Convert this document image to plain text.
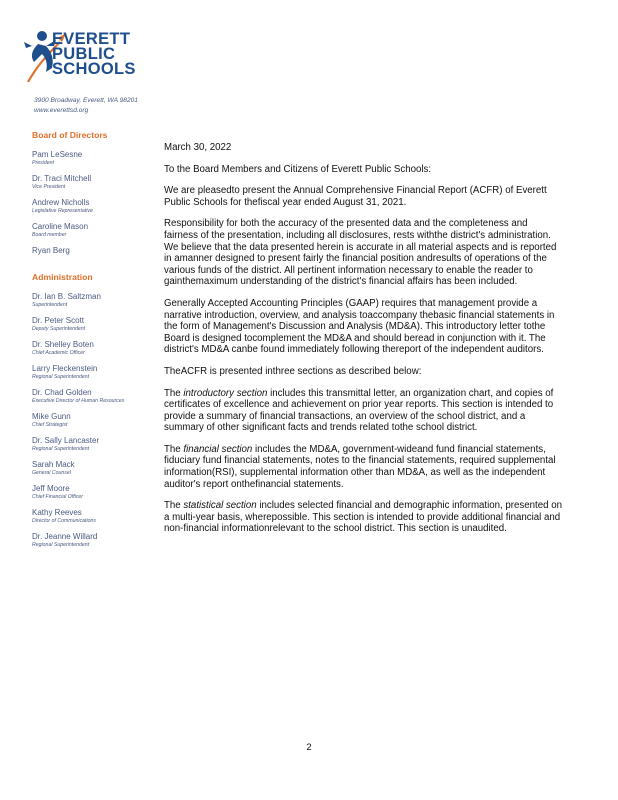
EVERETT
PUBLIC
SCHOOLS
3900 Broadway, Everett, WA 98201
www.everettsd.org
Board of Directors
Pam LeSesne
President
Dr. Traci Mitchell
Vice President
Andrew Nicholls
Legislative Representative
Caroline Mason
Board member
Ryan Berg
Administration
Dr. Ian B. Saltzman
Superintendent
Dr. Peter Scott
Deputy Superintendent
Dr. Shelley Boten
Chief Academic Officer
Larry Fleckenstein
Regional Superintendent
Dr. Chad Golden
Executive Director of Human Resources
Mike Gunn
Chief Strategist
Dr. Sally Lancaster
Regional Superintendent
Sarah Mack
General Counsel
Jeff Moore
Chief Financial Officer
Kathy Reeves
Director of Communications
Dr. Jeanne Willard
Regional Superintendent

March 30, 2022

To the Board Members and Citizens of Everett Public Schools:

We are pleasedto present the Annual Comprehensive Financial Report (ACFR) of Everett Public Schools for thefiscal year ended August 31, 2021.

Responsibility for both the accuracy of the presented data and the completeness and fairness of the presentation, including all disclosures, rests withthe district's administration. We believe that the data presented herein is accurate in all material aspects and is reported in amanner designed to present fairly the financial position andresults of operations of the various funds of the district. All pertinent information necessary to enable the reader to gainthemaximum understanding of the district's financial affairs has been included.

Generally Accepted Accounting Principles (GAAP) requires that management provide a narrative introduction, overview, and analysis toaccompany thebasic financial statements in the form of Management's Discussion and Analysis (MD&A). This introductory letter tothe Board is designed tocomplement the MD&A and should beread in conjunction with it. The district's MD&A canbe found immediately following thereport of the independent auditors.

TheACFR is presented inthree sections as described below:

The introductory section includes this transmittal letter, an organization chart, and copies of certificates of excellence and achievement on prior year reports. This section is intended to provide a summary of financial transactions, an overview of the school district, and a summary of other significant facts and trends related tothe school district.

The financial section includes the MD&A, government-wideand fund financial statements, fiduciary fund financial statements, notes to the financial statements, required supplemental information(RSI), supplemental information other than MD&A, as well as the independent auditor's report onthefinancial statements.

The statistical section includes selected financial and demographic information, presented on a multi-year basis, wherepossible. This section is intended to provide additional financial and non-financial informationrelevant to the school district. This section is unaudited.

2
